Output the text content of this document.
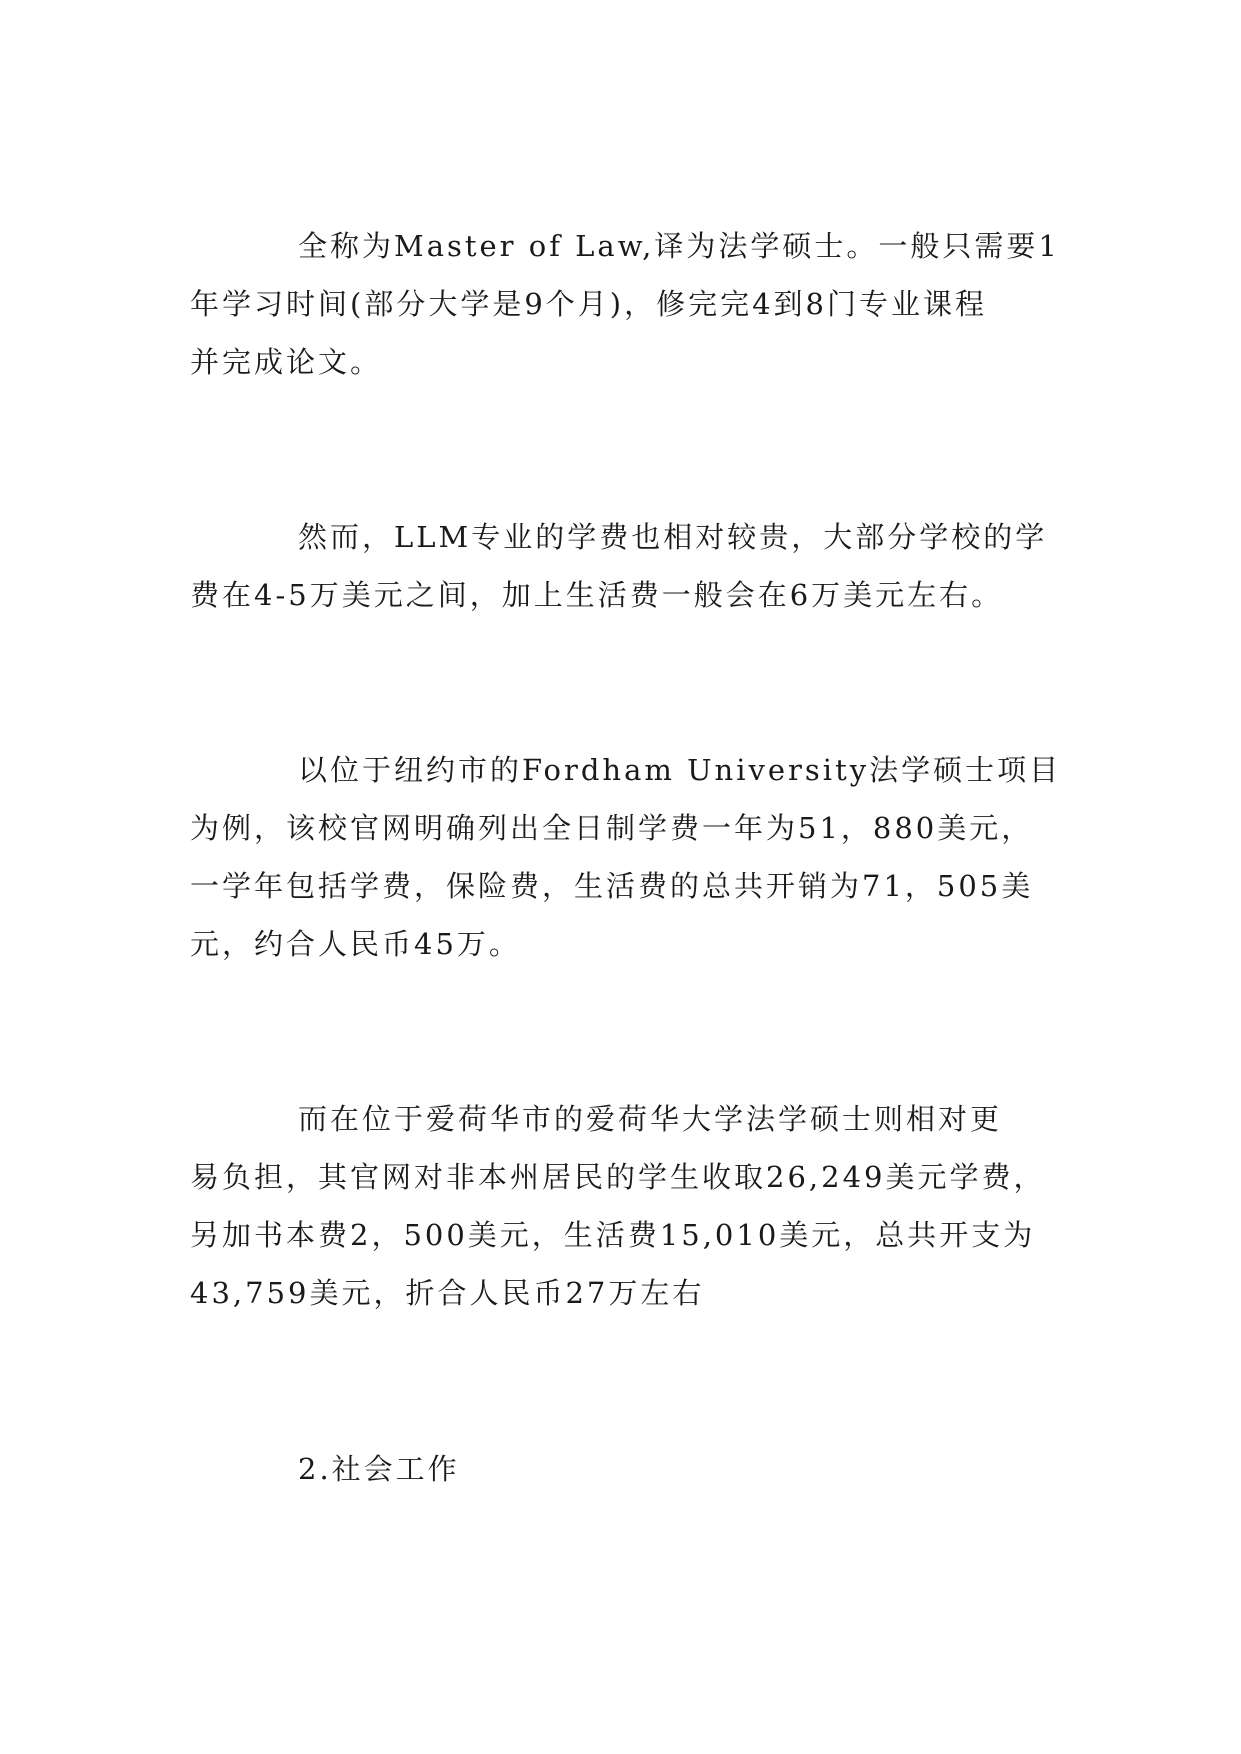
全称为Master of Law,译为法学硕士。一般只需要1
年学习时间(部分大学是9个月)，修完完4到8门专业课程
并完成论文。

然而，LLM专业的学费也相对较贵，大部分学校的学
费在4-5万美元之间，加上生活费一般会在6万美元左右。

以位于纽约市的Fordham University法学硕士项目
为例，该校官网明确列出全日制学费一年为51，880美元，
一学年包括学费，保险费，生活费的总共开销为71，505美
元，约合人民币45万。

而在位于爱荷华市的爱荷华大学法学硕士则相对更
易负担，其官网对非本州居民的学生收取26,249美元学费，
另加书本费2，500美元，生活费15,010美元，总共开支为
43,759美元，折合人民币27万左右

2.社会工作
